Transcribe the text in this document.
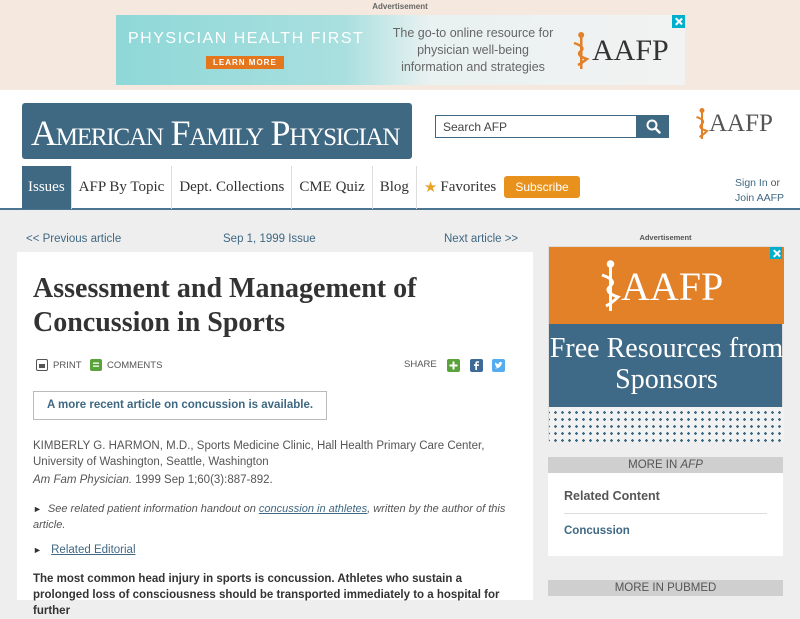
Advertisement
PHYSICIAN HEALTH FIRST
LEARN MORE
The go-to online resource for physician well-being information and strategies	AAFP
American Family Physician	Search AFP	AAFP
Issues AFP By Topic	Dept. Collections	CME Quiz	Blog	★ Favorites	Subscribe	Sign In or
Join AAFP
<< Previous article	Sep 1, 1999 Issue	Next article >>
Assessment and Management of Concussion in Sports
PRINT	COMMENTS	SHARE
A more recent article on concussion is available.
KIMBERLY G. HARMON, M.D., Sports Medicine Clinic, Hall Health Primary Care Center, University of Washington, Seattle, Washington
Am Fam Physician. 1999 Sep 1;60(3):887-892.
► See related patient information handout on concussion in athletes, written by the author of this article.
► Related Editorial

The most common head injury in sports is concussion. Athletes who sustain a prolonged loss of consciousness should be transported immediately to a hospital for further

Advertisement
AAFP
Free Resources from Sponsors
MORE IN AFP
Related Content
Concussion
MORE IN PUBMED
